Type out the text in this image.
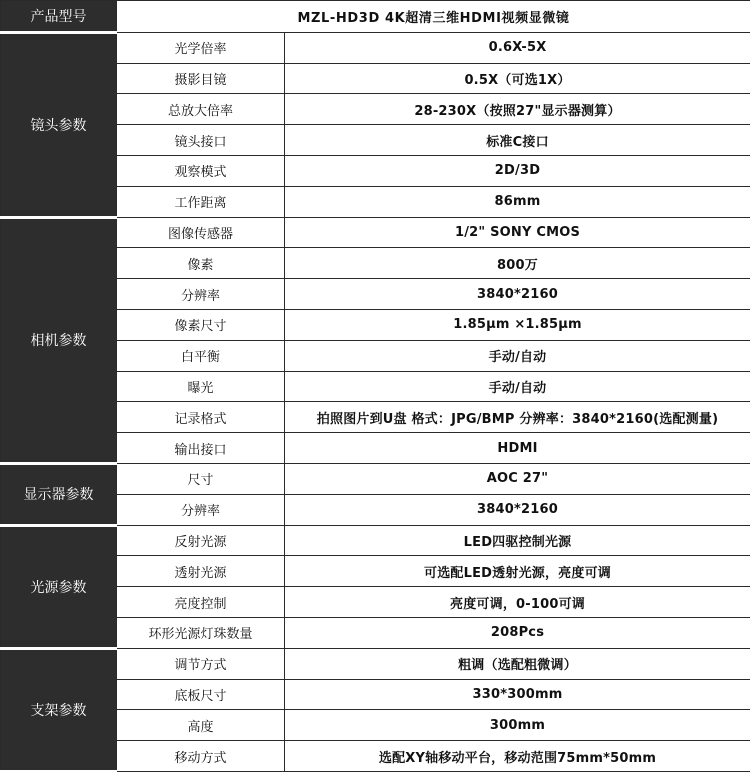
产品型号	MZL-HD3D 4K超清三维HDMI视频显微镜	
镜头参数	光学倍率	0.6X-5X
	摄影目镜	0.5X（可选1X）
	总放大倍率	28-230X（按照27"显示器测算）
	镜头接口	标准C接口
	观察模式	2D/3D
	工作距离	86mm
相机参数	图像传感器	1/2" SONY CMOS
	像素	800万
	分辨率	3840*2160
	像素尺寸	1.85μm ×1.85μm
	白平衡	手动/自动
	曝光	手动/自动
	记录格式	拍照图片到U盘 格式：JPG/BMP 分辨率：3840*2160(选配测量)
	输出接口	HDMI
显示器参数	尺寸	AOC 27"
	分辨率	3840*2160
光源参数	反射光源	LED四驱控制光源
	透射光源	可选配LED透射光源，亮度可调
	亮度控制	亮度可调，0-100可调
	环形光源灯珠数量	208Pcs
支架参数	调节方式	粗调（选配粗微调）
	底板尺寸	330*300mm
	高度	300mm
	移动方式	选配XY轴移动平台，移动范围75mm*50mm
